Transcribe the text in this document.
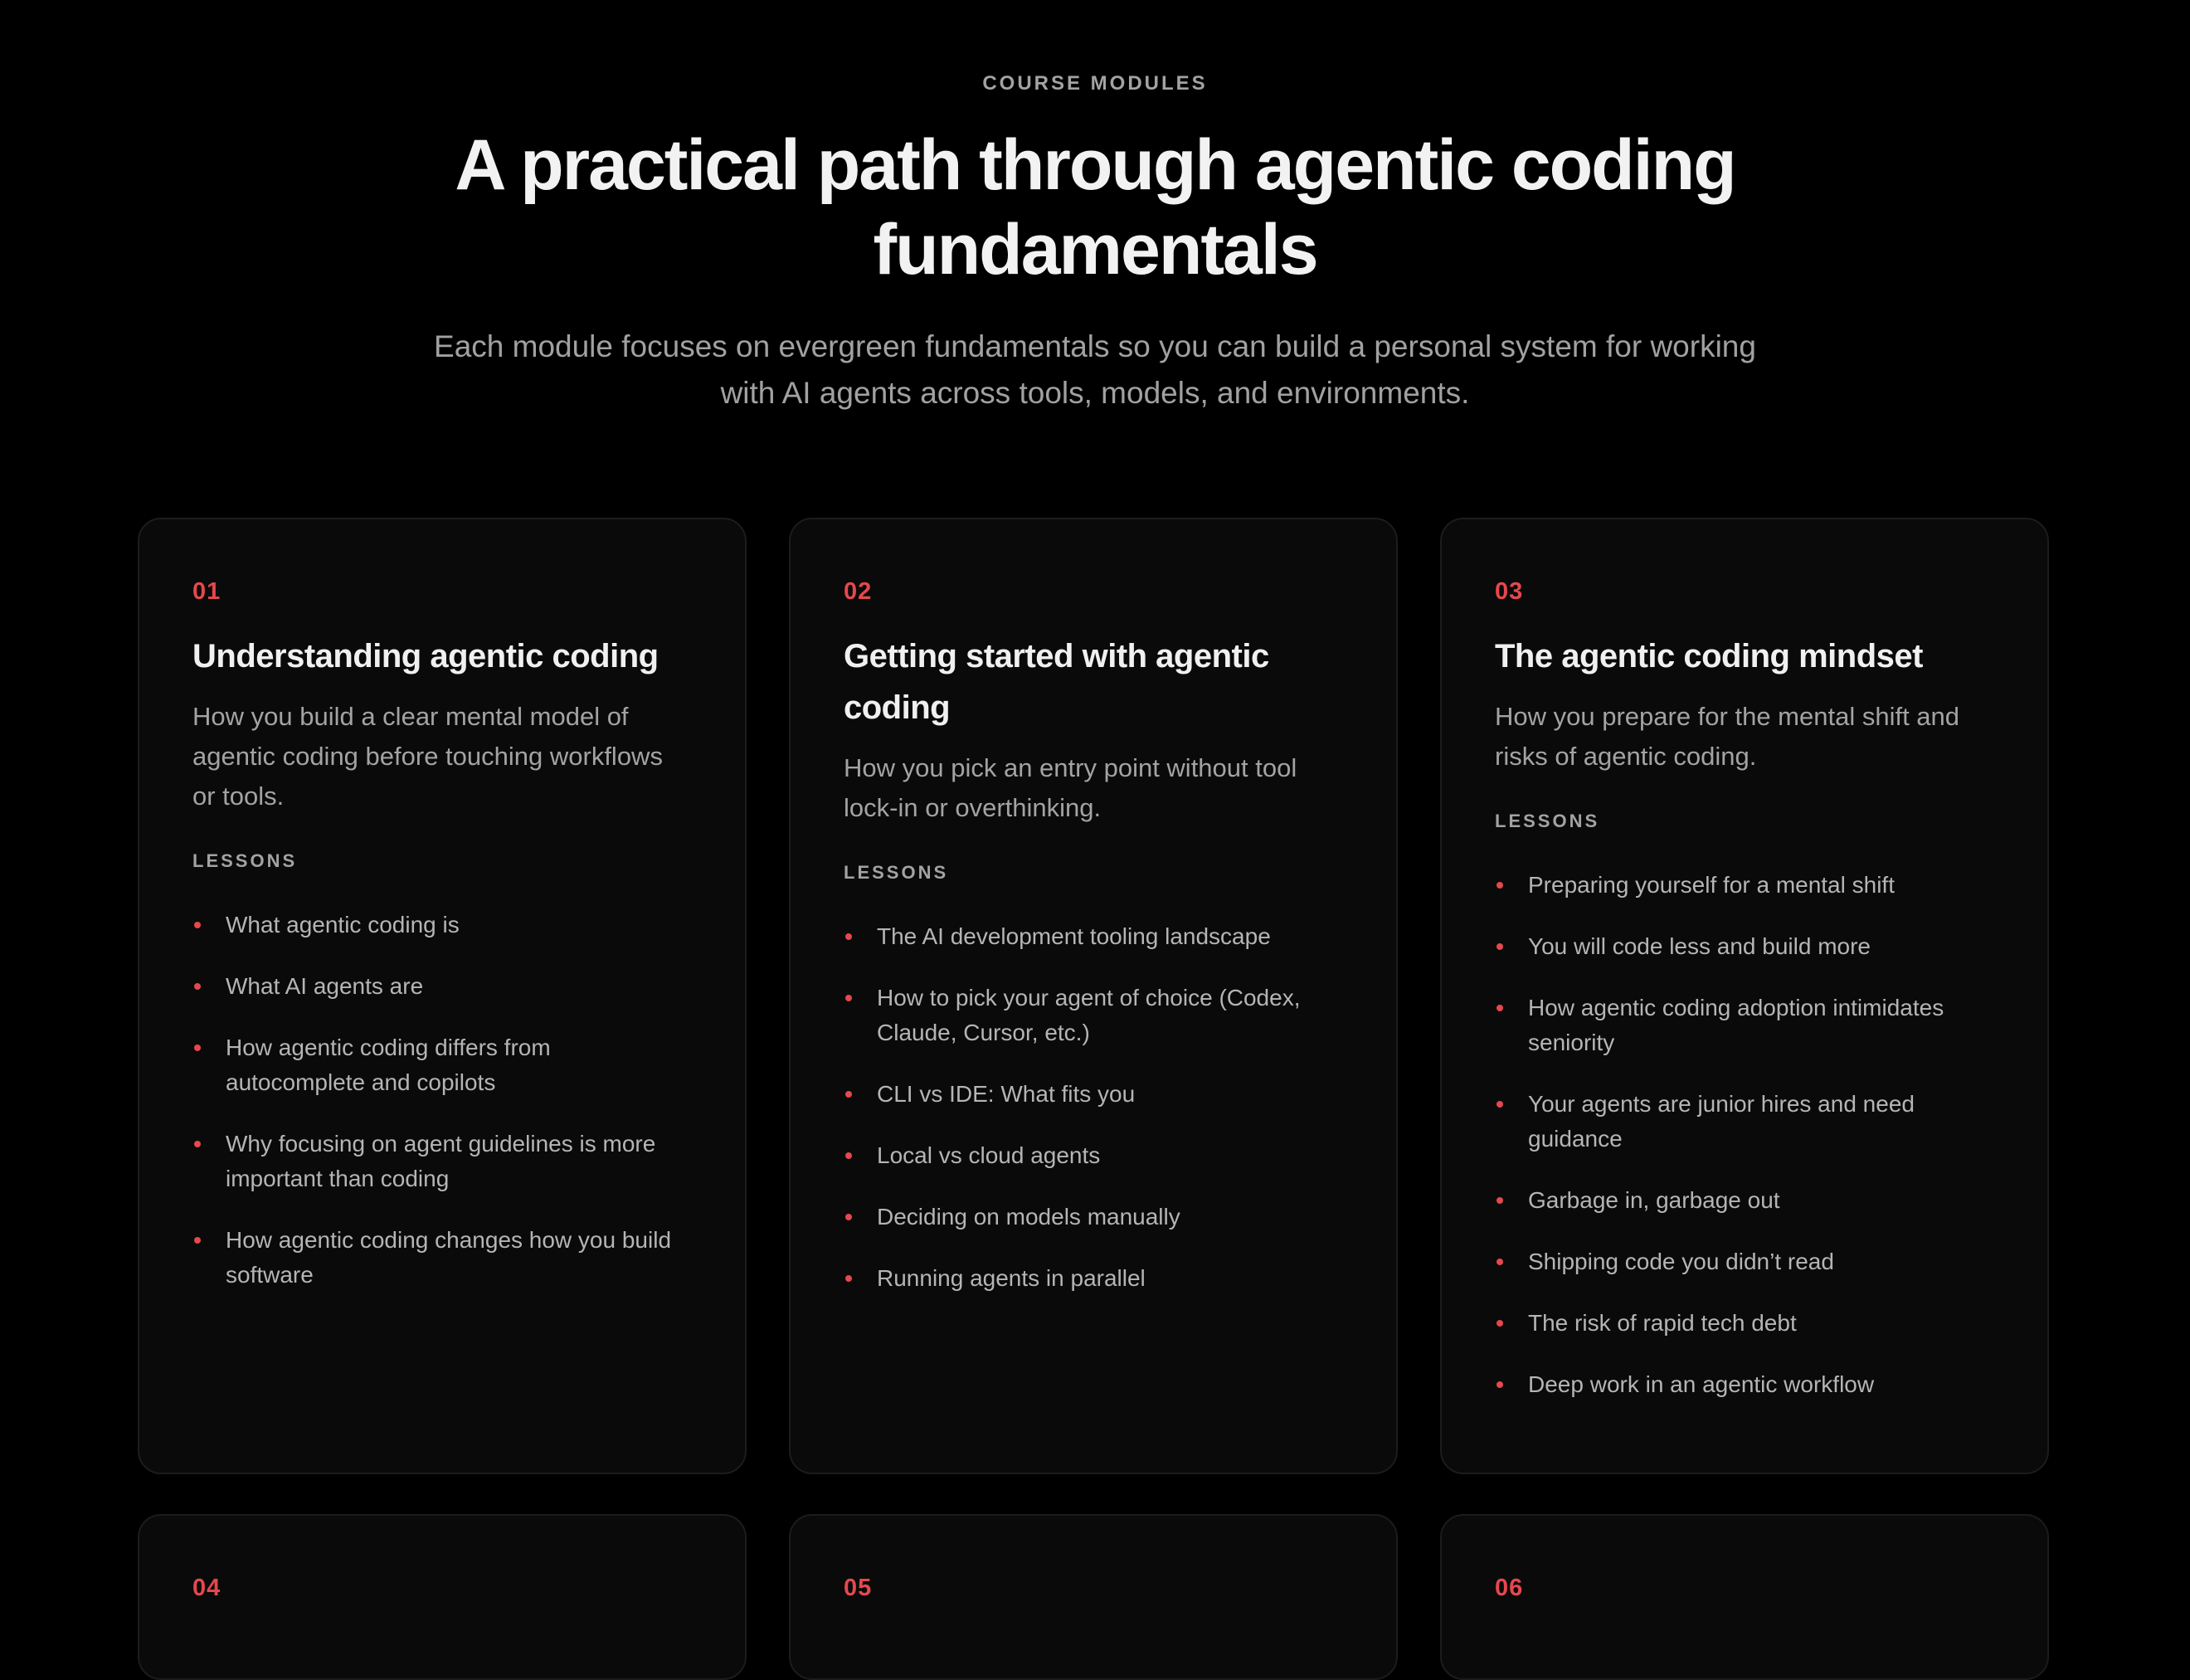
COURSE MODULES
A practical path through agentic coding fundamentals

Each module focuses on evergreen fundamentals so you can build a personal system for working with AI agents across tools, models, and environments.

01
Understanding agentic coding

How you build a clear mental model of agentic coding before touching workflows or tools.

LESSONS
What agentic coding is
What AI agents are
How agentic coding differs from autocomplete and copilots
Why focusing on agent guidelines is more important than coding
How agentic coding changes how you build software
02
Getting started with agentic coding

How you pick an entry point without tool lock-in or overthinking.

LESSONS
The AI development tooling landscape
How to pick your agent of choice (Codex, Claude, Cursor, etc.)
CLI vs IDE: What fits you
Local vs cloud agents
Deciding on models manually
Running agents in parallel
03
The agentic coding mindset

How you prepare for the mental shift and risks of agentic coding.

LESSONS
Preparing yourself for a mental shift
You will code less and build more
How agentic coding adoption intimidates seniority
Your agents are junior hires and need guidance
Garbage in, garbage out
Shipping code you didn’t read
The risk of rapid tech debt
Deep work in an agentic workflow
04	05	06
